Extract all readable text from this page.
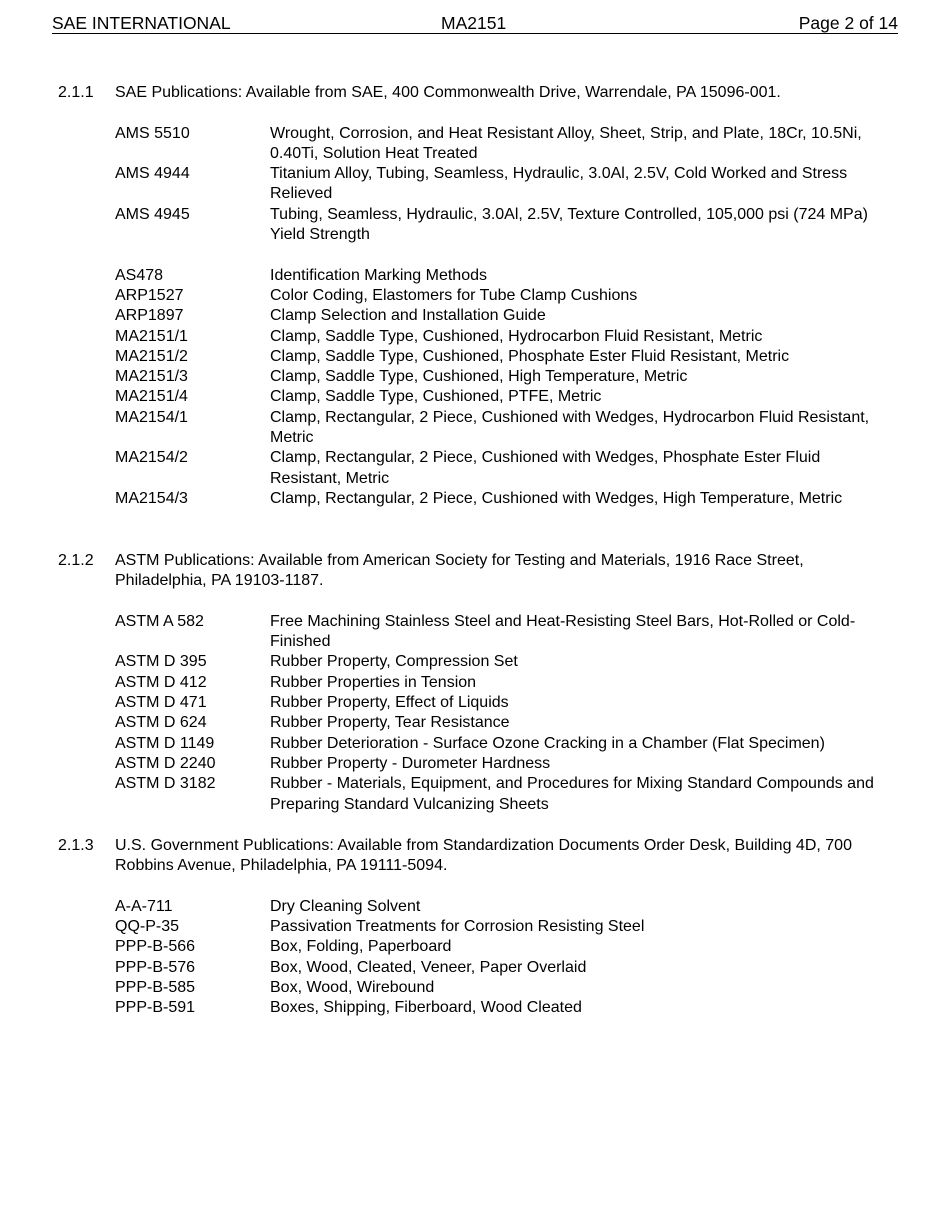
SAE INTERNATIONAL	MA2151	Page 2 of 14
2.1.1 SAE Publications: Available from SAE, 400 Commonwealth Drive, Warrendale, PA 15096-001.
AMS 5510	Wrought, Corrosion, and Heat Resistant Alloy, Sheet, Strip, and Plate, 18Cr, 10.5Ni, 0.40Ti, Solution Heat Treated
AMS 4944	Titanium Alloy, Tubing, Seamless, Hydraulic, 3.0Al, 2.5V, Cold Worked and Stress Relieved
AMS 4945	Tubing, Seamless, Hydraulic, 3.0Al, 2.5V, Texture Controlled, 105,000 psi (724 MPa) Yield Strength
AS478	Identification Marking Methods
ARP1527	Color Coding, Elastomers for Tube Clamp Cushions
ARP1897	Clamp Selection and Installation Guide
MA2151/1	Clamp, Saddle Type, Cushioned, Hydrocarbon Fluid Resistant, Metric
MA2151/2	Clamp, Saddle Type, Cushioned, Phosphate Ester Fluid Resistant, Metric
MA2151/3	Clamp, Saddle Type, Cushioned, High Temperature, Metric
MA2151/4	Clamp, Saddle Type, Cushioned, PTFE, Metric
MA2154/1	Clamp, Rectangular, 2 Piece, Cushioned with Wedges, Hydrocarbon Fluid Resistant, Metric
MA2154/2	Clamp, Rectangular, 2 Piece, Cushioned with Wedges, Phosphate Ester Fluid Resistant, Metric
MA2154/3	Clamp, Rectangular, 2 Piece, Cushioned with Wedges, High Temperature, Metric
2.1.2 ASTM Publications: Available from American Society for Testing and Materials, 1916 Race Street, Philadelphia, PA 19103-1187.
ASTM A 582	Free Machining Stainless Steel and Heat-Resisting Steel Bars, Hot-Rolled or Cold-Finished
ASTM D 395	Rubber Property, Compression Set
ASTM D 412	Rubber Properties in Tension
ASTM D 471	Rubber Property, Effect of Liquids
ASTM D 624	Rubber Property, Tear Resistance
ASTM D 1149	Rubber Deterioration - Surface Ozone Cracking in a Chamber (Flat Specimen)
ASTM D 2240	Rubber Property - Durometer Hardness
ASTM D 3182	Rubber - Materials, Equipment, and Procedures for Mixing Standard Compounds and Preparing Standard Vulcanizing Sheets
2.1.3 U.S. Government Publications: Available from Standardization Documents Order Desk, Building 4D, 700 Robbins Avenue, Philadelphia, PA 19111-5094.
A-A-711	Dry Cleaning Solvent
QQ-P-35	Passivation Treatments for Corrosion Resisting Steel
PPP-B-566	Box, Folding, Paperboard
PPP-B-576	Box, Wood, Cleated, Veneer, Paper Overlaid
PPP-B-585	Box, Wood, Wirebound
PPP-B-591	Boxes, Shipping, Fiberboard, Wood Cleated
